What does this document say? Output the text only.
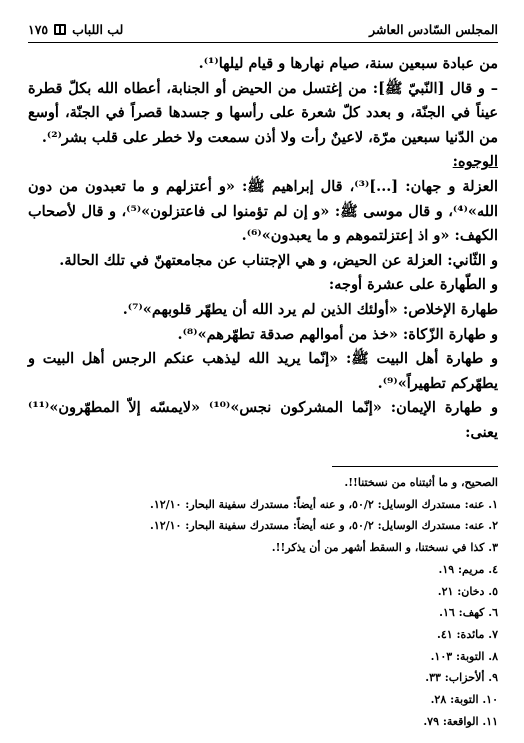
المجلس السّادس العاشر
لب اللباب
١٧٥

من عبادة سبعين سنة، صيام نهارها و قيام ليلها⁽¹⁾.

– و قال [النّبيّ ﷺ]: من إغتسل من الحيض أو الجنابة، أعطاه الله بكلّ قطرة عيناً في الجنّة، و بعدد كلّ شعرة على رأسها و جسدها قصراً في الجنّة، أوسع من الدّنيا سبعين مرّة، لاعينٌ رأت ولا أذن سمعت ولا خطر على قلب بشر⁽²⁾.

الوجوه:

العزلة و جهان: [...]⁽³⁾، قال إبراهيم ﷺ: «و أعتزلهم و ما تعبدون من دون الله»⁽⁴⁾، و قال موسى ﷺ: «و إن لم تؤمنوا لى فاعتزلون»⁽⁵⁾، و قال لأصحاب الكهف: «و اذ إعتزلتموهم و ما يعبدون»⁽⁶⁾.

و الثّاني: العزلة عن الحيض، و هي الإجتناب عن مجامعتهنّ في تلك الحالة.

و الطّهارة على عشرة أوجه:

طهارة الإخلاص: «أولئك الذين لم يرد الله أن يطهّر قلوبهم»⁽⁷⁾.

و طهارة الزّكاة: «خذ من أموالهم صدقة تطهّرهم»⁽⁸⁾.

و طهارة أهل البيت ﷺ: «إنّما يريد الله ليذهب عنكم الرجس أهل البيت و يطهّركم تطهيراً»⁽⁹⁾.

و طهارة الإيمان: «إنّما المشركون نجس»⁽¹⁰⁾ «لايمسّه إلاّ المطهّرون»⁽¹¹⁾ يعنى:

الصحيح، و ما أثبتناه من نسختنا!!.

١. عنه: مستدرك الوسايل: ٥٠/٢، و عنه أيضاً: مستدرك سفينة البحار: ١٢/١٠.

٢. عنه: مستدرك الوسايل: ٥٠/٢، و عنه أيضاً: مستدرك سفينة البحار: ١٢/١٠.

٣. كذا في نسختنا، و السقط أشهر من أن يذكر!!.

٤. مريم: ١٩.

٥. دخان: ٢١.

٦. كهف: ١٦.

٧. مائدة: ٤١.

٨. التوبة: ١٠٣.

٩. ألأحزاب: ٣٣.

١٠. التوبة: ٢٨.

١١. الواقعة: ٧٩.
